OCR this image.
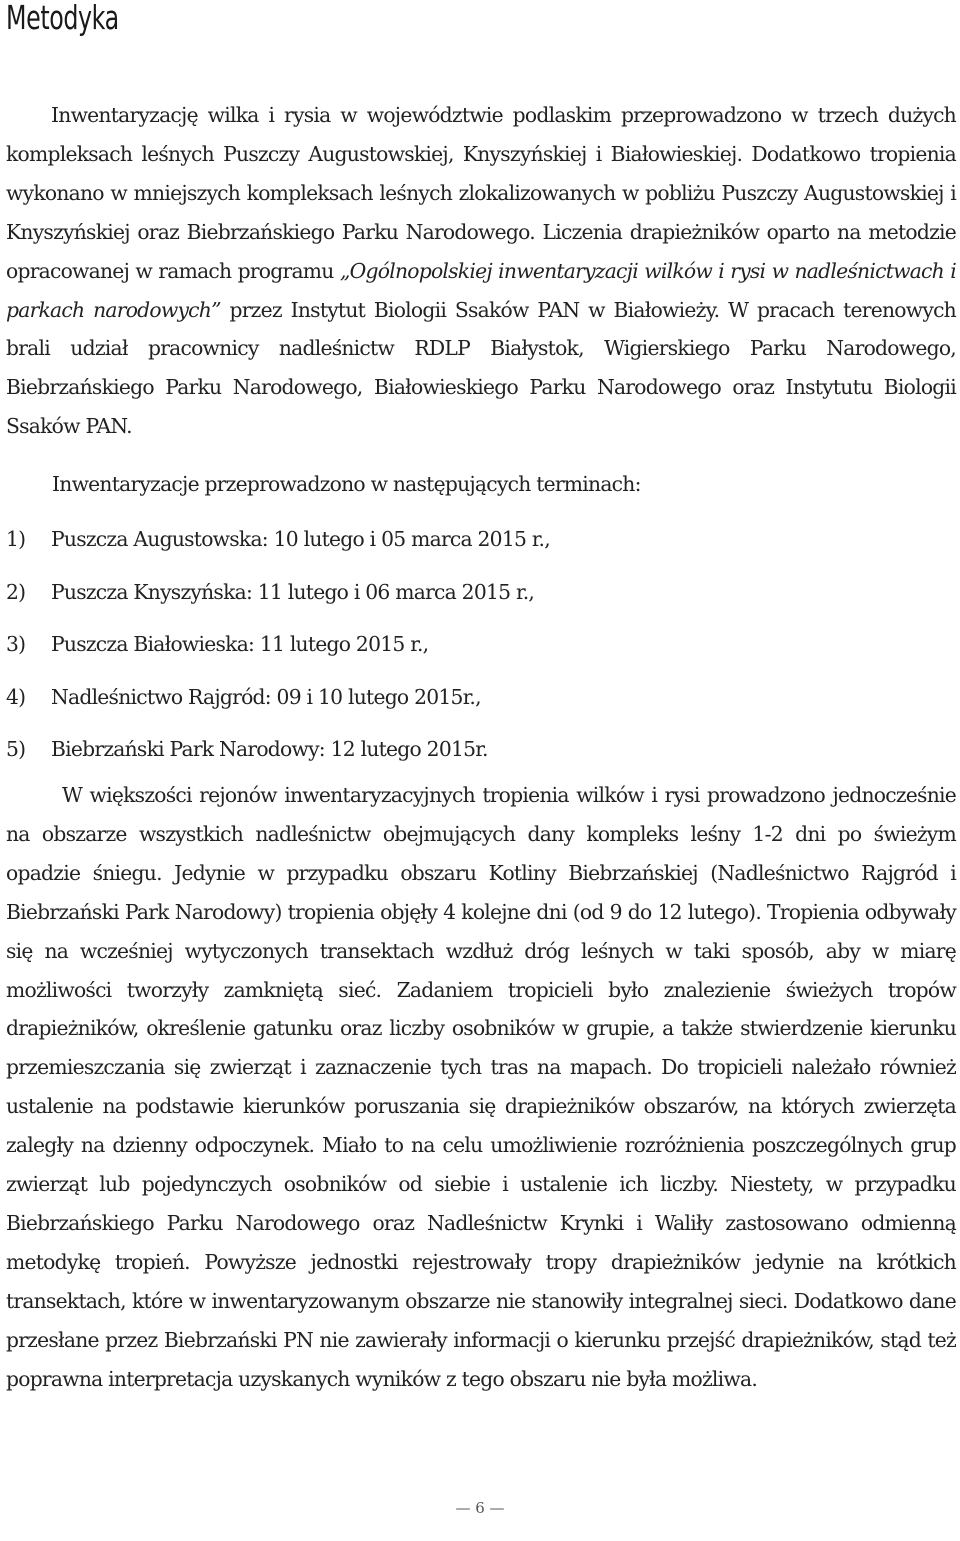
Metodyka

Inwentaryzację wilka i rysia w województwie podlaskim przeprowadzono w trzech dużych kompleksach leśnych Puszczy Augustowskiej, Knyszyńskiej i Białowieskiej. Dodatkowo tropienia wykonano w mniejszych kompleksach leśnych zlokalizowanych w pobliżu Puszczy Augustowskiej i Knyszyńskiej oraz Biebrzańskiego Parku Narodowego. Liczenia drapieżników oparto na metodzie opracowanej w ramach programu „Ogólnopolskiej inwentaryzacji wilków i rysi w nadleśnictwach i parkach narodowych” przez Instytut Biologii Ssaków PAN w Białowieży. W pracach terenowych brali udział pracownicy nadleśnictw RDLP Białystok, Wigierskiego Parku Narodowego, Biebrzańskiego Parku Narodowego, Białowieskiego Parku Narodowego oraz Instytutu Biologii Ssaków PAN.

Inwentaryzacje przeprowadzono w następujących terminach:

1) Puszcza Augustowska: 10 lutego i 05 marca 2015 r.,
2) Puszcza Knyszyńska: 11 lutego i 06 marca 2015 r.,
3) Puszcza Białowieska: 11 lutego 2015 r.,
4) Nadleśnictwo Rajgród: 09 i 10 lutego 2015r.,
5) Biebrzański Park Narodowy: 12 lutego 2015r.

W większości rejonów inwentaryzacyjnych tropienia wilków i rysi prowadzono jednocześnie na obszarze wszystkich nadleśnictw obejmujących dany kompleks leśny 1-2 dni po świeżym opadzie śniegu. Jedynie w przypadku obszaru Kotliny Biebrzańskiej (Nadleśnictwo Rajgród i Biebrzański Park Narodowy) tropienia objęły 4 kolejne dni (od 9 do 12 lutego). Tropienia odbywały się na wcześniej wytyczonych transektach wzdłuż dróg leśnych w taki sposób, aby w miarę możliwości tworzyły zamkniętą sieć. Zadaniem tropicieli było znalezienie świeżych tropów drapieżników, określenie gatunku oraz liczby osobników w grupie, a także stwierdzenie kierunku przemieszczania się zwierząt i zaznaczenie tych tras na mapach. Do tropicieli należało również ustalenie na podstawie kierunków poruszania się drapieżników obszarów, na których zwierzęta zaległy na dzienny odpoczynek. Miało to na celu umożliwienie rozróżnienia poszczególnych grup zwierząt lub pojedynczych osobników od siebie i ustalenie ich liczby. Niestety, w przypadku Biebrzańskiego Parku Narodowego oraz Nadleśnictw Krynki i Waliły zastosowano odmienną metodykę tropień. Powyższe jednostki rejestrowały tropy drapieżników jedynie na krótkich transektach, które w inwentaryzowanym obszarze nie stanowiły integralnej sieci. Dodatkowo dane przesłane przez Biebrzański PN nie zawierały informacji o kierunku przejść drapieżników, stąd też poprawna interpretacja uzyskanych wyników z tego obszaru nie była możliwa.

— 6 —
